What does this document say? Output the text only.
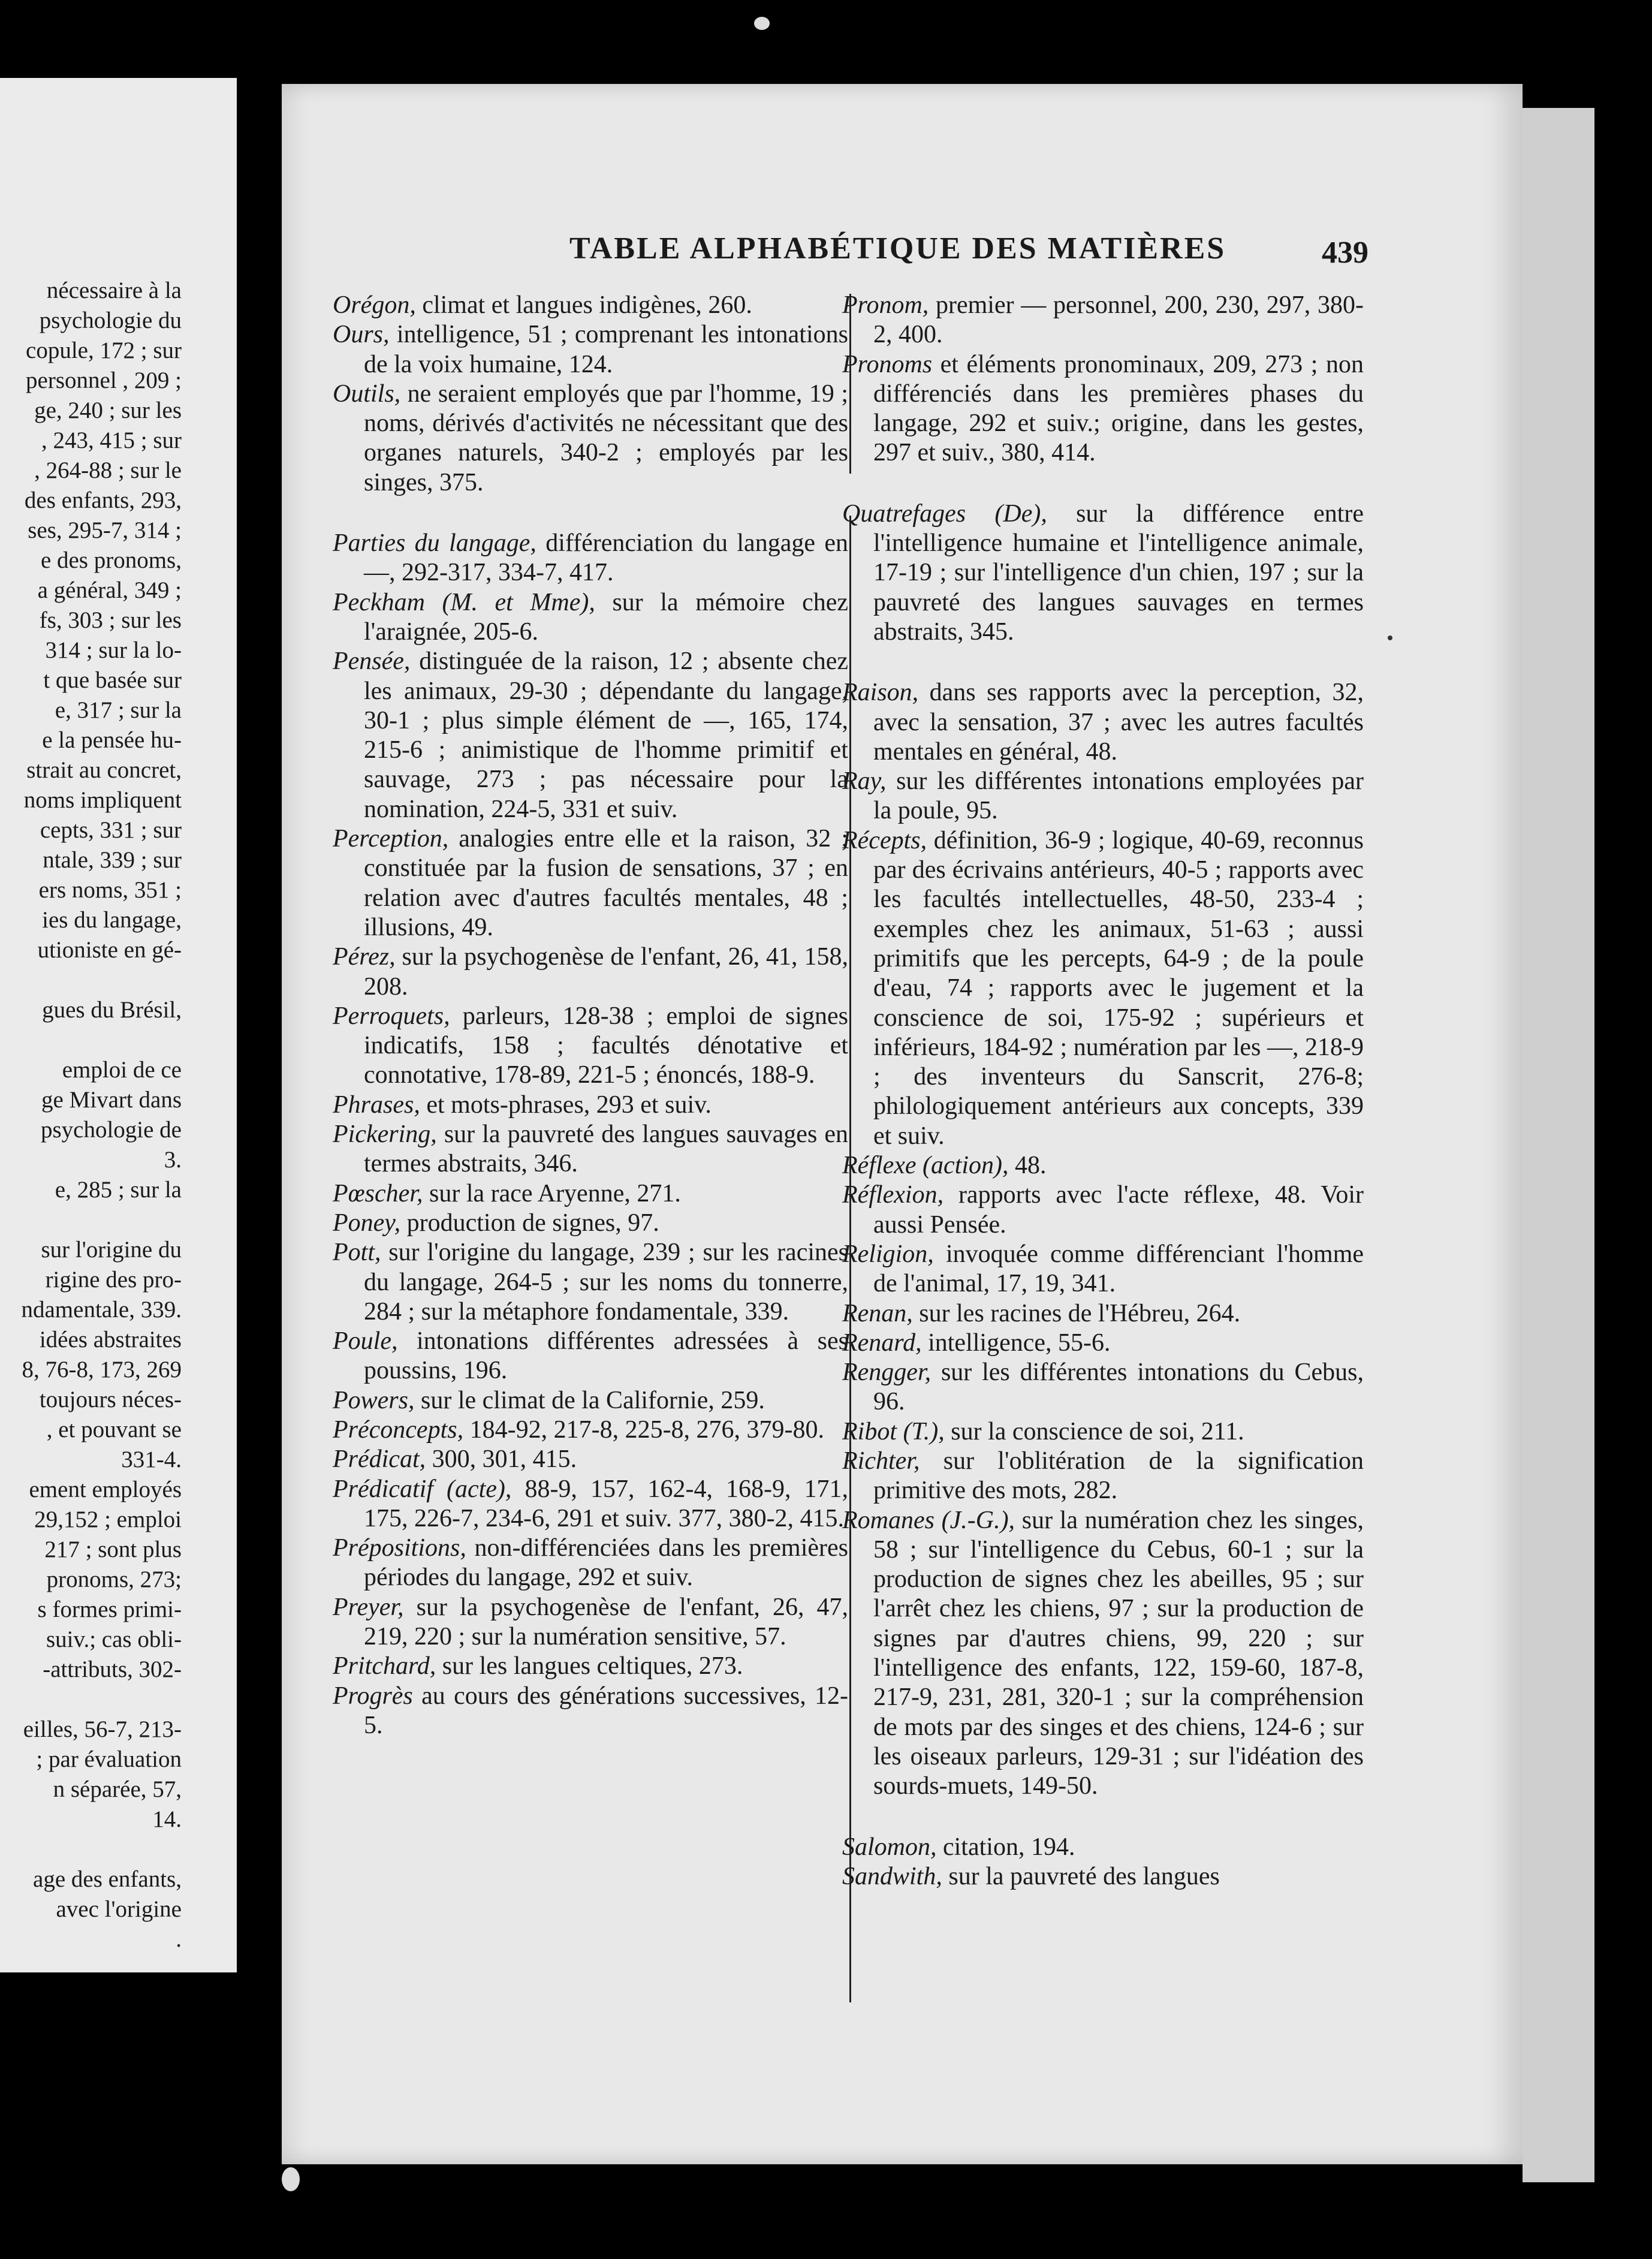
nécessaire à la
psychologie du
copule, 172 ; sur
personnel , 209 ;
ge, 240 ; sur les
, 243, 415 ; sur
, 264-88 ; sur le
des enfants, 293,
ses, 295-7, 314 ;
e des pronoms,
a général, 349 ;
fs, 303 ; sur les
314 ; sur la lo-
t que basée sur
e, 317 ; sur la
e la pensée hu-
strait au concret,
noms impliquent
cepts, 331 ; sur
ntale, 339 ; sur
ers noms, 351 ;
ies du langage,
utioniste en gé-
gues du Brésil,
emploi de ce
ge Mivart dans
psychologie de
3.
e, 285 ; sur la
sur l'origine du
rigine des pro-
ndamentale, 339.
idées abstraites
8, 76-8, 173, 269
toujours néces-
, et pouvant se
331-4.
ement employés
29,152 ; emploi
217 ; sont plus
pronoms, 273;
s formes primi-
suiv.; cas obli-
-attributs, 302-
eilles, 56-7, 213-
; par évaluation
n séparée, 57,
14.
age des enfants,
avec l'origine
.
TABLE ALPHABÉTIQUE DES MATIÈRES	439
Orégon, climat et langues indigènes, 260.
Ours, intelligence, 51 ; comprenant les intonations de la voix humaine, 124.
Outils, ne seraient employés que par l'homme, 19 ; noms, dérivés d'activités ne nécessitant que des organes naturels, 340-2 ; employés par les singes, 375.
Parties du langage, différenciation du langage en —, 292-317, 334-7, 417.
Peckham (M. et Mme), sur la mémoire chez l'araignée, 205-6.
Pensée, distinguée de la raison, 12 ; absente chez les animaux, 29-30 ; dépendante du langage, 30-1 ; plus simple élément de —, 165, 174, 215-6 ; animistique de l'homme primitif et sauvage, 273 ; pas nécessaire pour la nomination, 224-5, 331 et suiv.
Perception, analogies entre elle et la raison, 32 ; constituée par la fusion de sensations, 37 ; en relation avec d'autres facultés mentales, 48 ; illusions, 49.
Pérez, sur la psychogenèse de l'enfant, 26, 41, 158, 208.
Perroquets, parleurs, 128-38 ; emploi de signes indicatifs, 158 ; facultés dénotative et connotative, 178-89, 221-5 ; énoncés, 188-9.
Phrases, et mots-phrases, 293 et suiv.
Pickering, sur la pauvreté des langues sauvages en termes abstraits, 346.
Pœscher, sur la race Aryenne, 271.
Poney, production de signes, 97.
Pott, sur l'origine du langage, 239 ; sur les racines du langage, 264-5 ; sur les noms du tonnerre, 284 ; sur la métaphore fondamentale, 339.
Poule, intonations différentes adressées à ses poussins, 196.
Powers, sur le climat de la Californie, 259.
Préconcepts, 184-92, 217-8, 225-8, 276, 379-80.
Prédicat, 300, 301, 415.
Prédicatif (acte), 88-9, 157, 162-4, 168-9, 171, 175, 226-7, 234-6, 291 et suiv. 377, 380-2, 415.
Prépositions, non-différenciées dans les premières périodes du langage, 292 et suiv.
Preyer, sur la psychogenèse de l'enfant, 26, 47, 219, 220 ; sur la numération sensitive, 57.
Pritchard, sur les langues celtiques, 273.
Progrès au cours des générations successives, 12-5.
Pronom, premier — personnel, 200, 230, 297, 380-2, 400.
Pronoms et éléments pronominaux, 209, 273 ; non différenciés dans les premières phases du langage, 292 et suiv.; origine, dans les gestes, 297 et suiv., 380, 414.
Quatrefages (De), sur la différence entre l'intelligence humaine et l'intelligence animale, 17-19 ; sur l'intelligence d'un chien, 197 ; sur la pauvreté des langues sauvages en termes abstraits, 345.
Raison, dans ses rapports avec la perception, 32, avec la sensation, 37 ; avec les autres facultés mentales en général, 48.
Ray, sur les différentes intonations employées par la poule, 95.
Récepts, définition, 36-9 ; logique, 40-69, reconnus par des écrivains antérieurs, 40-5 ; rapports avec les facultés intellectuelles, 48-50, 233-4 ; exemples chez les animaux, 51-63 ; aussi primitifs que les percepts, 64-9 ; de la poule d'eau, 74 ; rapports avec le jugement et la conscience de soi, 175-92 ; supérieurs et inférieurs, 184-92 ; numération par les —, 218-9 ; des inventeurs du Sanscrit, 276-8; philologiquement antérieurs aux concepts, 339 et suiv.
Réflexe (action), 48.
Réflexion, rapports avec l'acte réflexe, 48. Voir aussi Pensée.
Religion, invoquée comme différenciant l'homme de l'animal, 17, 19, 341.
Renan, sur les racines de l'Hébreu, 264.
Renard, intelligence, 55-6.
Rengger, sur les différentes intonations du Cebus, 96.
Ribot (T.), sur la conscience de soi, 211.
Richter, sur l'oblitération de la signification primitive des mots, 282.
Romanes (J.-G.), sur la numération chez les singes, 58 ; sur l'intelligence du Cebus, 60-1 ; sur la production de signes chez les abeilles, 95 ; sur l'arrêt chez les chiens, 97 ; sur la production de signes par d'autres chiens, 99, 220 ; sur l'intelligence des enfants, 122, 159-60, 187-8, 217-9, 231, 281, 320-1 ; sur la compréhension de mots par des singes et des chiens, 124-6 ; sur les oiseaux parleurs, 129-31 ; sur l'idéation des sourds-muets, 149-50.
Salomon, citation, 194.
Sandwith, sur la pauvreté des langues
